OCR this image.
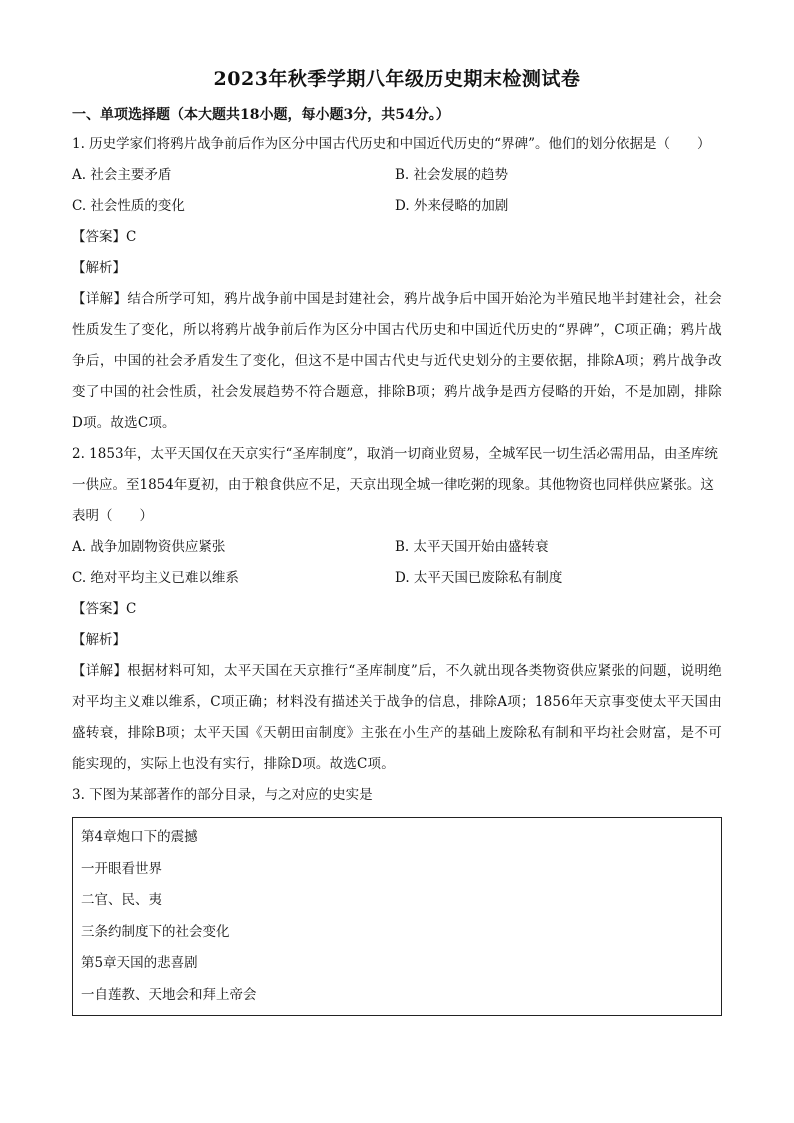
2023年秋季学期八年级历史期末检测试卷
一、单项选择题（本大题共18小题，每小题3分，共54分。）

1. 历史学家们将鸦片战争前后作为区分中国古代历史和中国近代历史的“界碑”。他们的划分依据是（　　）

A. 社会主要矛盾	B. 社会发展的趋势
C. 社会性质的变化	D. 外来侵略的加剧
【答案】C
【解析】

【详解】结合所学可知，鸦片战争前中国是封建社会，鸦片战争后中国开始沦为半殖民地半封建社会，社会性质发生了变化，所以将鸦片战争前后作为区分中国古代历史和中国近代历史的“界碑”，C项正确；鸦片战争后，中国的社会矛盾发生了变化，但这不是中国古代史与近代史划分的主要依据，排除A项；鸦片战争改变了中国的社会性质，社会发展趋势不符合题意，排除B项；鸦片战争是西方侵略的开始，不是加剧，排除D项。故选C项。

2. 1853年，太平天国仅在天京实行“圣库制度”，取消一切商业贸易，全城军民一切生活必需用品，由圣库统一供应。至1854年夏初，由于粮食供应不足，天京出现全城一律吃粥的现象。其他物资也同样供应紧张。这表明（　　）

A. 战争加剧物资供应紧张	B. 太平天国开始由盛转衰
C. 绝对平均主义已难以维系	D. 太平天国已废除私有制度
【答案】C
【解析】

【详解】根据材料可知，太平天国在天京推行“圣库制度”后，不久就出现各类物资供应紧张的问题，说明绝对平均主义难以维系，C项正确；材料没有描述关于战争的信息，排除A项；1856年天京事变使太平天国由盛转衰，排除B项；太平天国《天朝田亩制度》主张在小生产的基础上废除私有制和平均社会财富，是不可能实现的，实际上也没有实行，排除D项。故选C项。

3. 下图为某部著作的部分目录，与之对应的史实是

第4章炮口下的震撼
一开眼看世界
二官、民、夷
三条约制度下的社会变化
第5章天国的悲喜剧
一自莲教、天地会和拜上帝会
